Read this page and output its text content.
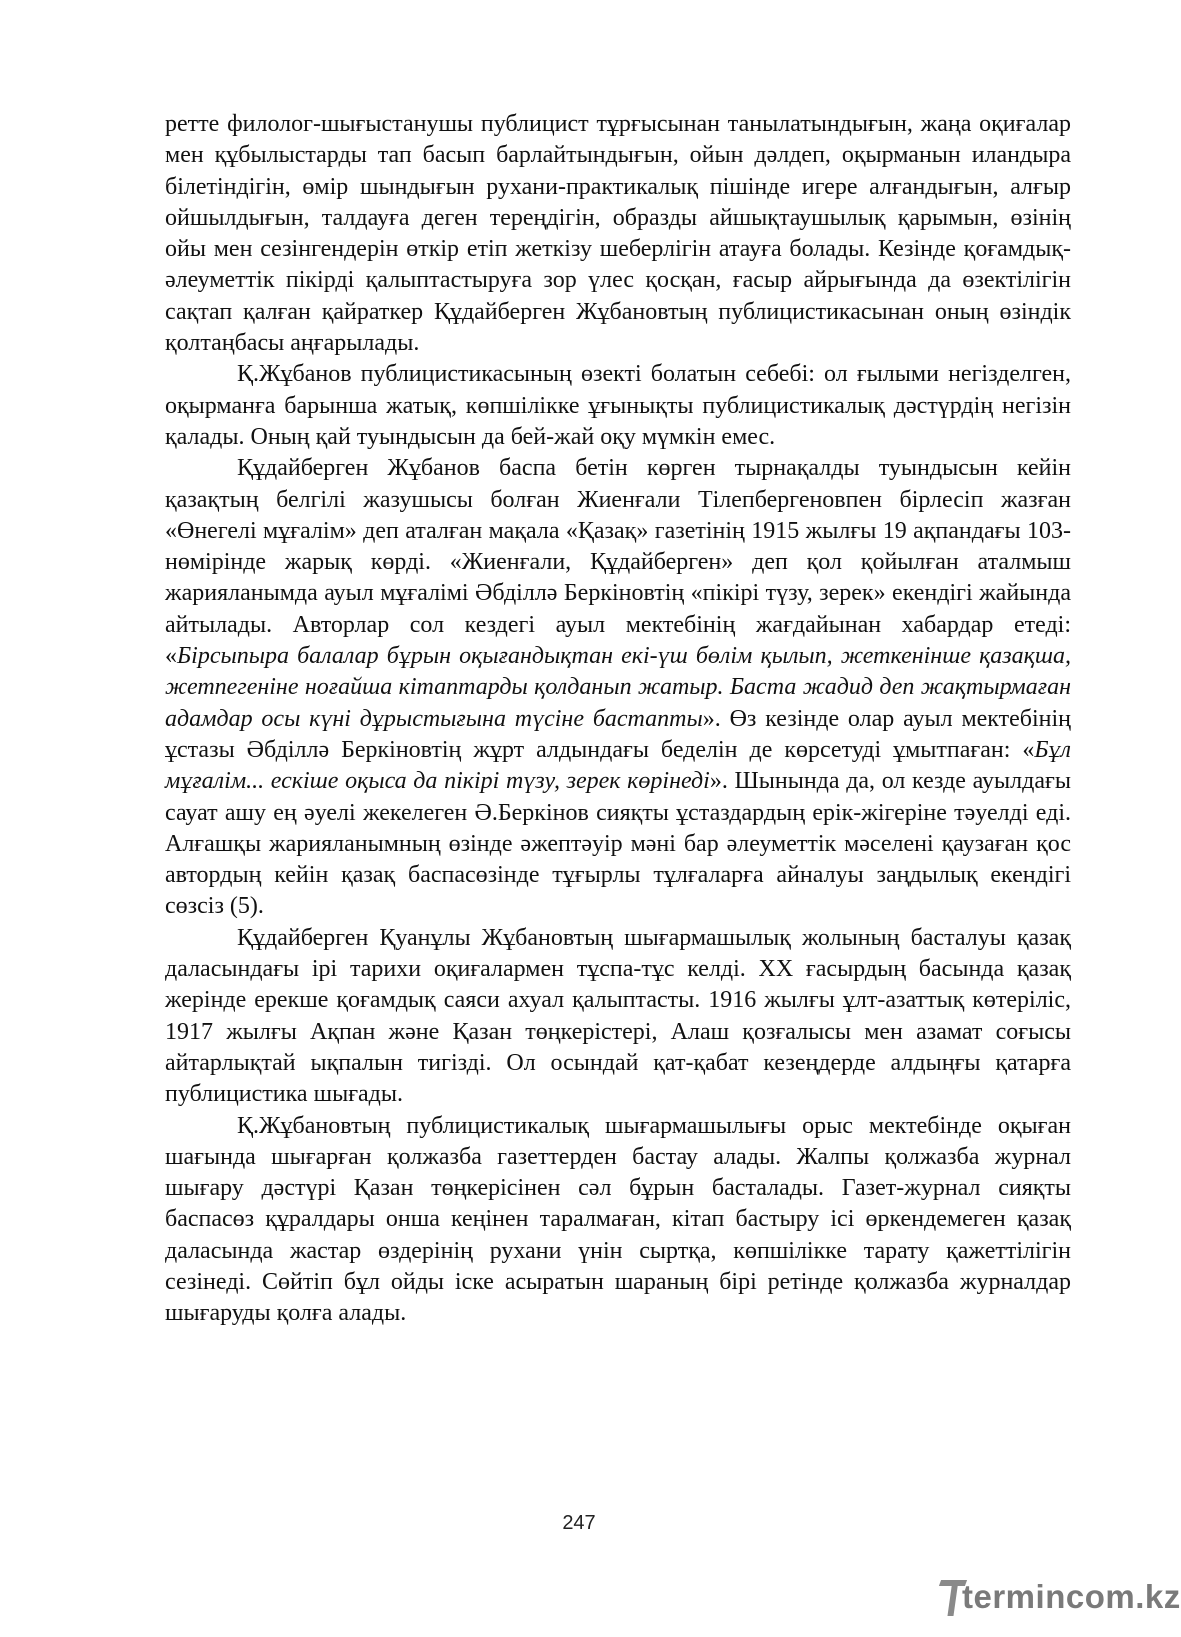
ретте филолог-шығыстанушы публицист тұрғысынан танылатындығын, жаңа оқиғалар мен құбылыстарды тап басып барлайтындығын, ойын дәлдеп, оқырманын иландыра білетіндігін, өмір шындығын рухани-практикалық пішінде игере алғандығын, алғыр ойшылдығын, талдауға деген тереңдігін, образды айшықтаушылық қарымын, өзінің ойы мен сезінгендерін өткір етіп жеткізу шеберлігін атауға болады. Кезінде қоғамдық-әлеуметтік пікірді қалыптастыруға зор үлес қосқан, ғасыр айрығында да өзектілігін сақтап қалған қайраткер Құдайберген Жұбановтың публицистикасынан оның өзіндік қолтаңбасы аңғарылады.

Қ.Жұбанов публицистикасының өзекті болатын себебі: ол ғылыми негізделген, оқырманға барынша жатық, көпшілікке ұғынықты публицистикалық дәстүрдің негізін қалады. Оның қай туындысын да бей-жай оқу мүмкін емес.

Құдайберген Жұбанов баспа бетін көрген тырнақалды туындысын кейін қазақтың белгілі жазушысы болған Жиенғали Тілепбергеновпен бірлесіп жазған «Өнегелі мұғалім» деп аталған мақала «Қазақ» газетінің 1915 жылғы 19 ақпандағы 103-нөмірінде жарық көрді. «Жиенғали, Құдайберген» деп қол қойылған аталмыш жарияланымда ауыл мұғалімі Әбділлә Беркіновтің «пікірі түзу, зерек» екендігі жайында айтылады. Авторлар сол кездегі ауыл мектебінің жағдайынан хабардар етеді: «Бірсыпыра балалар бұрын оқығандықтан екі-үш бөлім қылып, жеткенінше қазақша, жетпегеніне ноғайша кітаптарды қолданып жатыр. Баста жадид деп жақтырмаған адамдар осы күні дұрыстығына түсіне бастапты». Өз кезінде олар ауыл мектебінің ұстазы Әбділлә Беркіновтің жұрт алдындағы беделін де көрсетуді ұмытпаған: «Бұл мұғалім... ескіше оқыса да пікірі түзу, зерек көрінеді». Шынында да, ол кезде ауылдағы сауат ашу ең әуелі жекелеген Ә.Беркінов сияқты ұстаздардың ерік-жігеріне тәуелді еді. Алғашқы жарияланымның өзінде әжептәуір мәні бар әлеуметтік мәселені қаузаған қос автордың кейін қазақ баспасөзінде тұғырлы тұлғаларға айналуы заңдылық екендігі сөзсіз (5).

Құдайберген Қуанұлы Жұбановтың шығармашылық жолының басталуы қазақ даласындағы ірі тарихи оқиғалармен тұспа-тұс келді. ХХ ғасырдың басында қазақ жерінде ерекше қоғамдық саяси ахуал қалыптасты. 1916 жылғы ұлт-азаттық көтеріліс, 1917 жылғы Ақпан және Қазан төңкерістері, Алаш қозғалысы мен азамат соғысы айтарлықтай ықпалын тигізді. Ол осындай қат-қабат кезеңдерде алдыңғы қатарға публицистика шығады.

Қ.Жұбановтың публицистикалық шығармашылығы орыс мектебінде оқыған шағында шығарған қолжазба газеттерден бастау алады. Жалпы қолжазба журнал шығару дәстүрі Қазан төңкерісінен сәл бұрын басталады. Газет-журнал сияқты баспасөз құралдары онша кеңінен таралмаған, кітап бастыру ісі өркендемеген қазақ даласында жастар өздерінің рухани үнін сыртқа, көпшілікке тарату қажеттілігін сезінеді. Сөйтіп бұл ойды іске асыратын шараның бірі ретінде қолжазба журналдар шығаруды қолға алады.

247
termincom.kz
